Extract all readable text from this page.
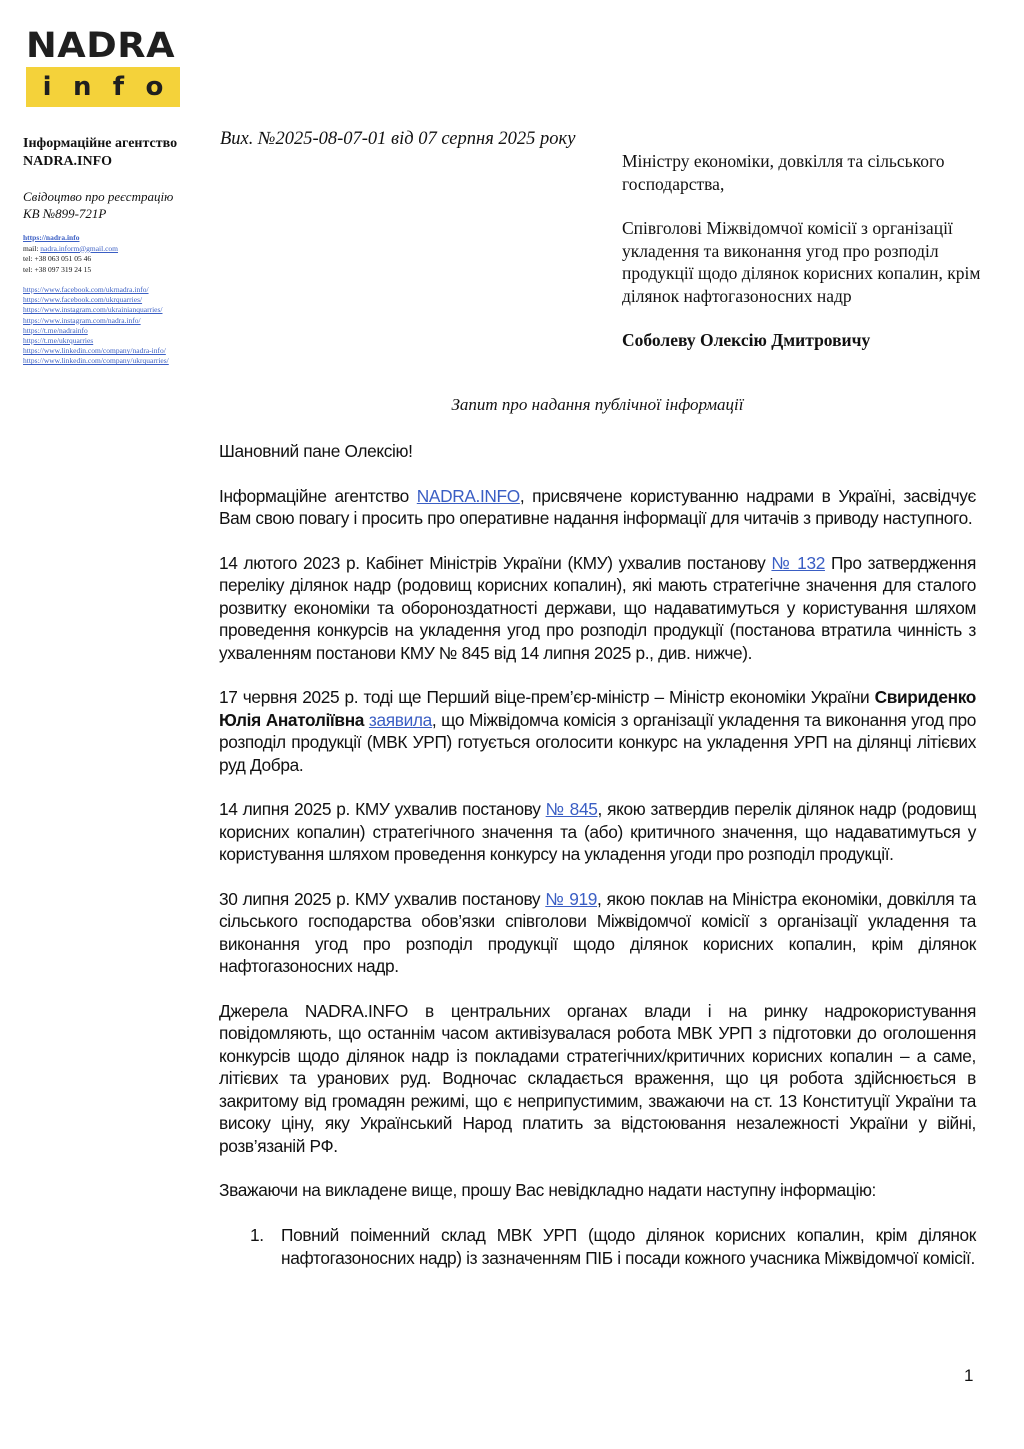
NADRA
i n f o
Інформаційне агентство
NADRA.INFO
Свідоцтво про реєстрацію
КВ №899-721Р
https://nadra.info
mail: nadra.inform@gmail.com
tel: +38 063 051 05 46
tel: +38 097 319 24 15
https://www.facebook.com/ukrnadra.info/
https://www.facebook.com/ukrquarries/
https://www.instagram.com/ukrainianquarries/
https://www.instagram.com/nadra.info/
https://t.me/nadrainfo
https://t.me/ukrquarries
https://www.linkedin.com/company/nadra-info/
https://www.linkedin.com/company/ukrquarries/
Вих. №2025-08-07-01 від 07 серпня 2025 року

Міністру економіки, довкілля та сільського господарства,

Співголові Міжвідомчої комісії з організації укладення та виконання угод про розподіл продукції щодо ділянок корисних копалин, крім ділянок нафтогазоносних надр

Соболеву Олексію Дмитровичу

Запит про надання публічної інформації

Шановний пане Олексію!

Інформаційне агентство NADRA.INFO, присвячене користуванню надрами в Україні, засвідчує Вам свою повагу і просить про оперативне надання інформації для читачів з приводу наступного.

14 лютого 2023 р. Кабінет Міністрів України (КМУ) ухвалив постанову № 132 Про затвердження переліку ділянок надр (родовищ корисних копалин), які мають стратегічне значення для сталого розвитку економіки та обороноздатності держави, що надаватимуться у користування шляхом проведення конкурсів на укладення угод про розподіл продукції (постанова втратила чинність з ухваленням постанови КМУ № 845 від 14 липня 2025 р., див. нижче).

17 червня 2025 р. тоді ще Перший віце-прем’єр-міністр – Міністр економіки України Свириденко Юлія Анатоліївна заявила, що Міжвідомча комісія з організації укладення та виконання угод про розподіл продукції (МВК УРП) готується оголосити конкурс на укладення УРП на ділянці літієвих руд Добра.

14 липня 2025 р. КМУ ухвалив постанову № 845, якою затвердив перелік ділянок надр (родовищ корисних копалин) стратегічного значення та (або) критичного значення, що надаватимуться у користування шляхом проведення конкурсу на укладення угоди про розподіл продукції.

30 липня 2025 р. КМУ ухвалив постанову № 919, якою поклав на Міністра економіки, довкілля та сільського господарства обов’язки співголови Міжвідомчої комісії з організації укладення та виконання угод про розподіл продукції щодо ділянок корисних копалин, крім ділянок нафтогазоносних надр.

Джерела NADRA.INFO в центральних органах влади і на ринку надрокористування повідомляють, що останнім часом активізувалася робота МВК УРП з підготовки до оголошення конкурсів щодо ділянок надр із покладами стратегічних/критичних корисних копалин – а саме, літієвих та уранових руд. Водночас складається враження, що ця робота здійснюється в закритому від громадян режимі, що є неприпустимим, зважаючи на ст. 13 Конституції України та високу ціну, яку Український Народ платить за відстоювання незалежності України у війні, розв’язаній РФ.

Зважаючи на викладене вище, прошу Вас невідкладно надати наступну інформацію:

1. Повний поіменний склад МВК УРП (щодо ділянок корисних копалин, крім ділянок нафтогазоносних надр) із зазначенням ПІБ і посади кожного учасника Міжвідомчої комісії.
1
